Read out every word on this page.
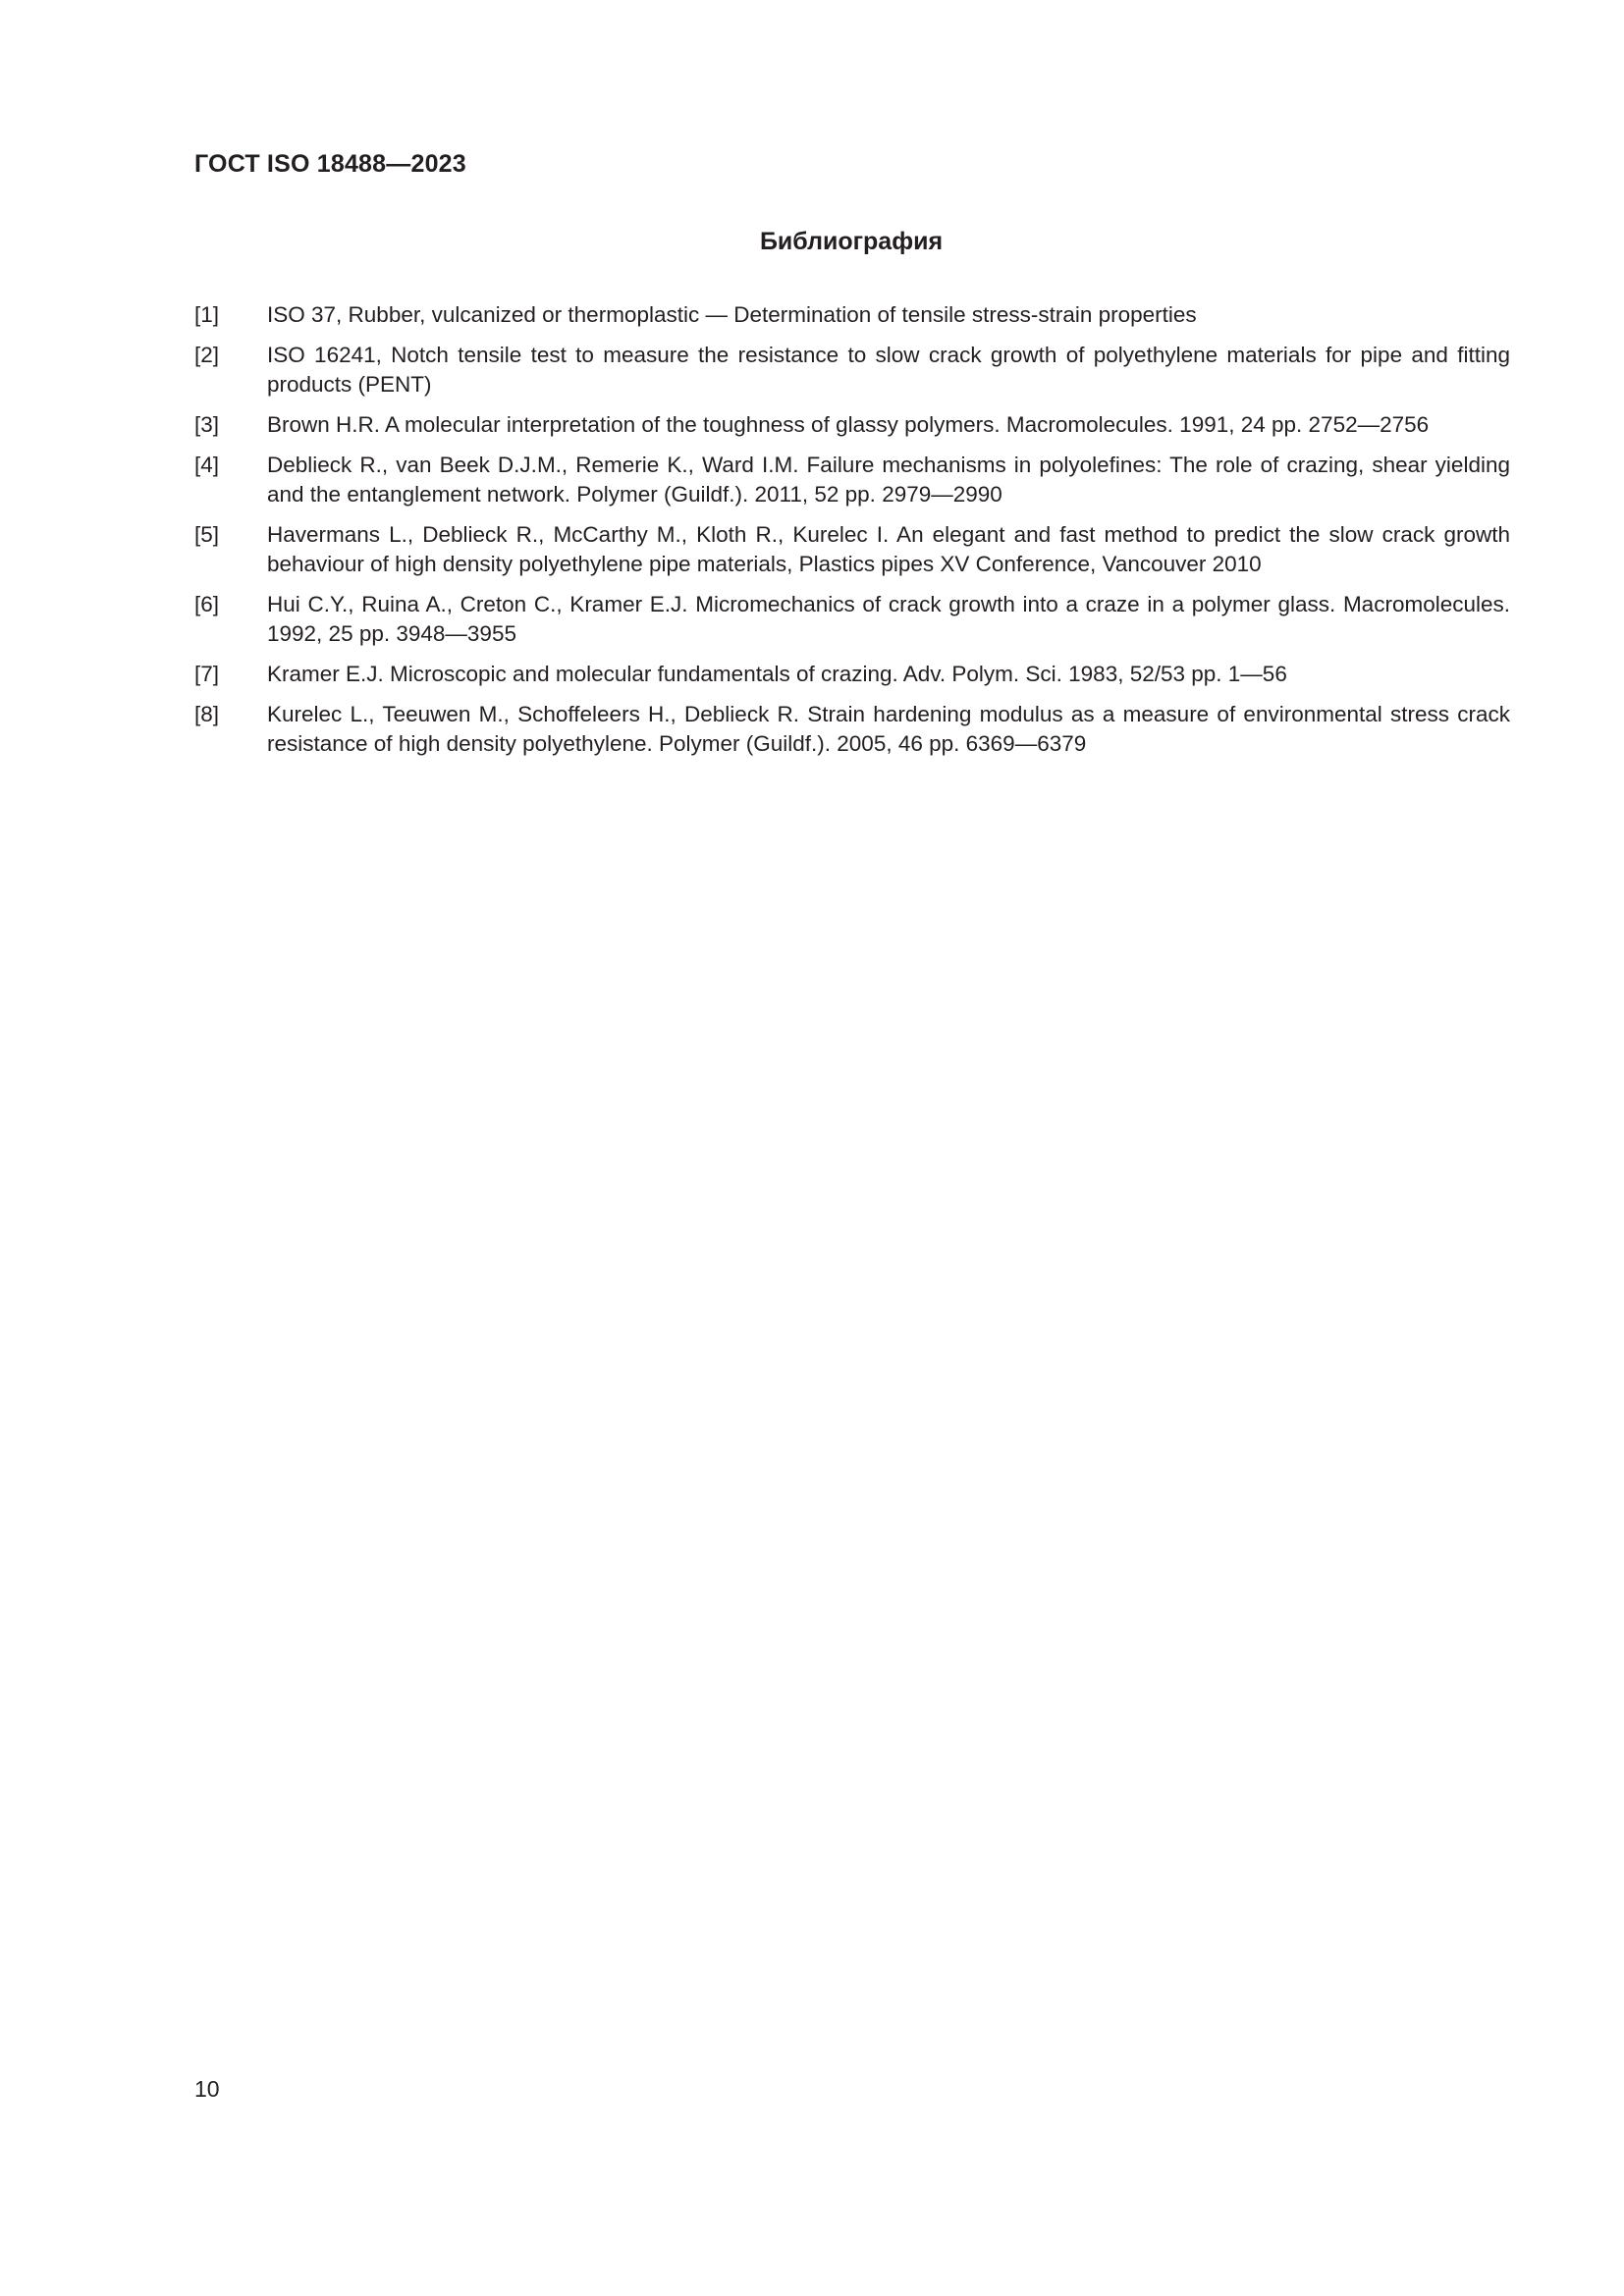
ГОСТ ISO 18488—2023
Библиография
[1]	ISO 37, Rubber, vulcanized or thermoplastic — Determination of tensile stress-strain properties
[2]	ISO 16241, Notch tensile test to measure the resistance to slow crack growth of polyethylene materials for pipe and fitting products (PENT)
[3]	Brown H.R. A molecular interpretation of the toughness of glassy polymers. Macromolecules. 1991, 24 pp. 2752—2756
[4]	Deblieck R., van Beek D.J.M., Remerie K., Ward I.M. Failure mechanisms in polyolefines: The role of crazing, shear yielding and the entanglement network. Polymer (Guildf.). 2011, 52 pp. 2979—2990
[5]	Havermans L., Deblieck R., McCarthy M., Kloth R., Kurelec I. An elegant and fast method to predict the slow crack growth behaviour of high density polyethylene pipe materials, Plastics pipes XV Conference, Vancouver 2010
[6]	Hui C.Y., Ruina A., Creton C., Kramer E.J. Micromechanics of crack growth into a craze in a polymer glass. Macromolecules. 1992, 25 pp. 3948—3955
[7]	Kramer E.J. Microscopic and molecular fundamentals of crazing. Adv. Polym. Sci. 1983, 52/53 pp. 1—56
[8]	Kurelec L., Teeuwen M., Schoffeleers H., Deblieck R. Strain hardening modulus as a measure of environmental stress crack resistance of high density polyethylene. Polymer (Guildf.). 2005, 46 pp. 6369—6379
10
